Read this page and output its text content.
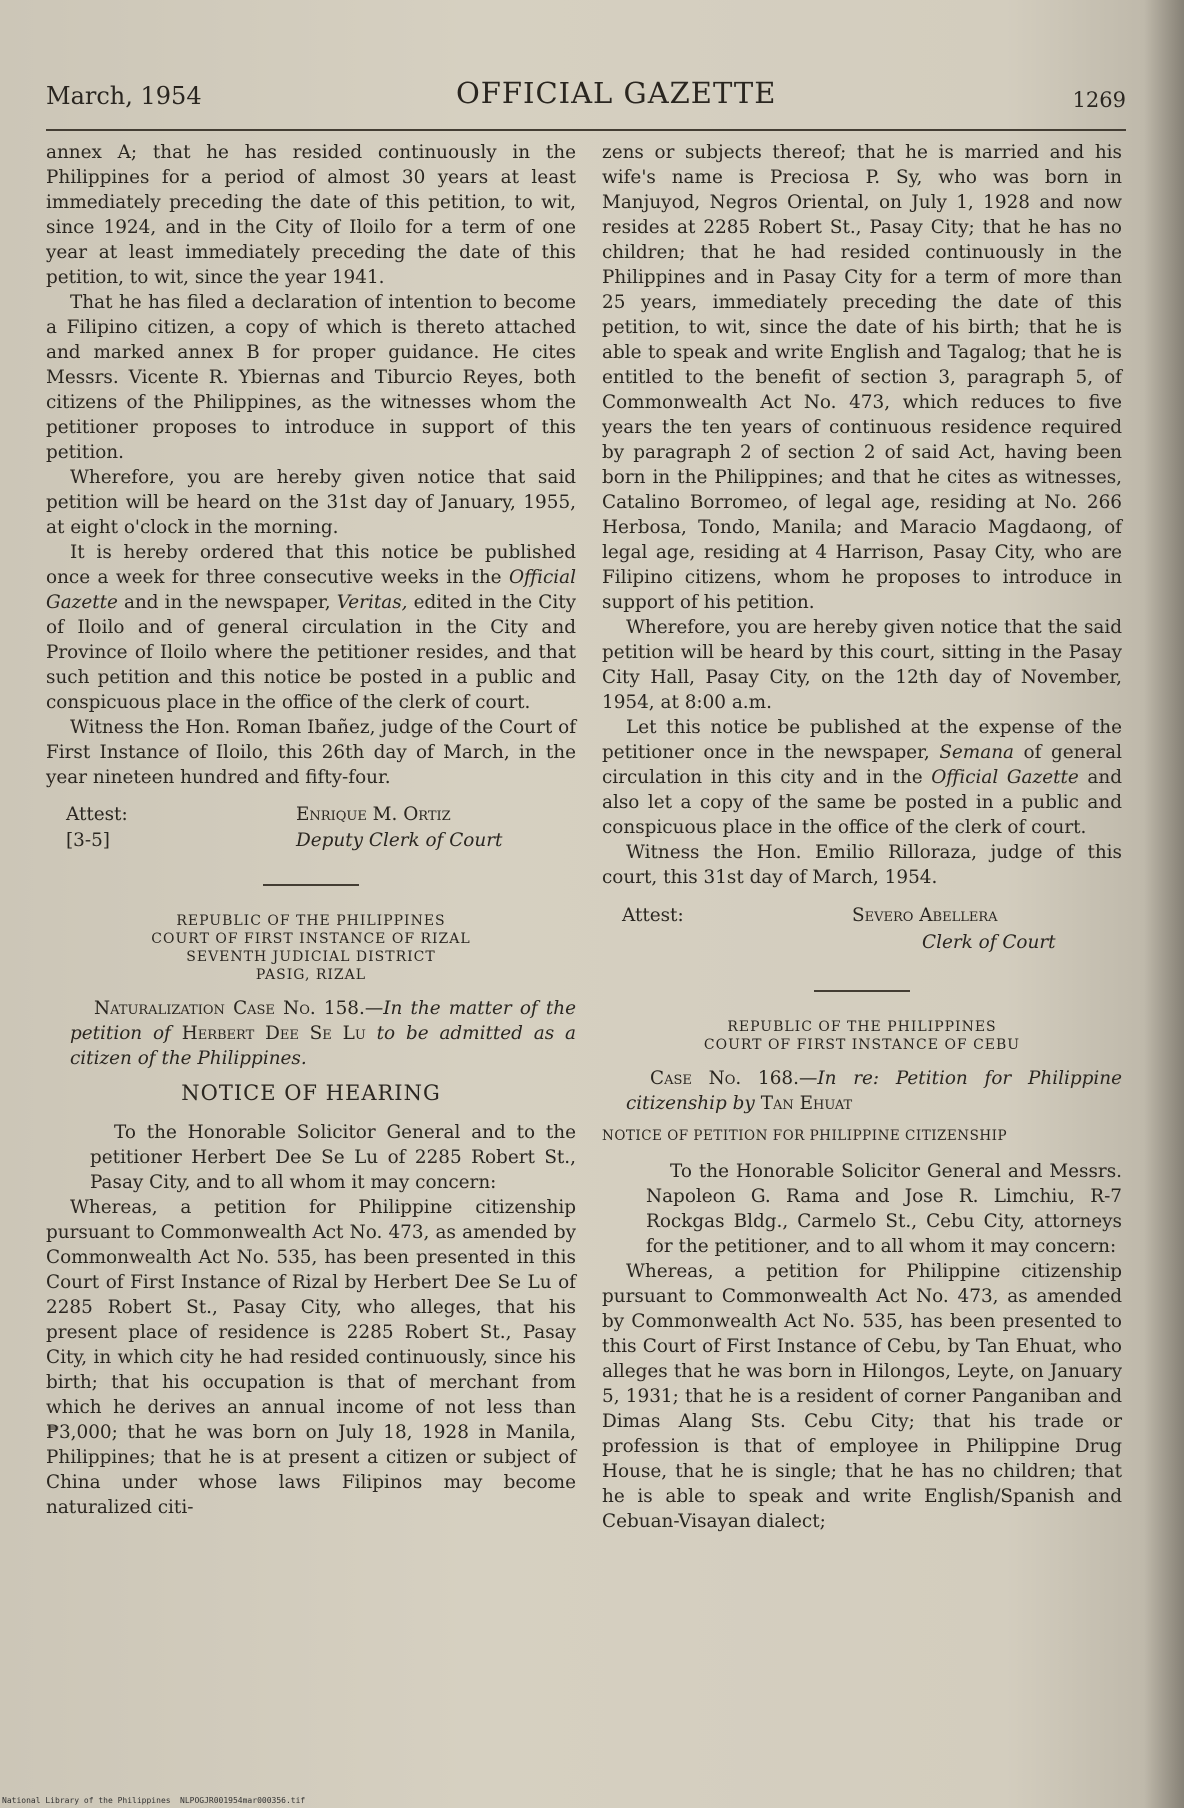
March, 1954	OFFICIAL GAZETTE	1269

annex A; that he has resided continuously in the Philippines for a period of almost 30 years at least immediately preceding the date of this petition, to wit, since 1924, and in the City of Iloilo for a term of one year at least immediately preceding the date of this petition, to wit, since the year 1941.

That he has filed a declaration of intention to become a Filipino citizen, a copy of which is thereto attached and marked annex B for proper guidance. He cites Messrs. Vicente R. Ybiernas and Tiburcio Reyes, both citizens of the Philippines, as the witnesses whom the petitioner proposes to introduce in support of this petition.

Wherefore, you are hereby given notice that said petition will be heard on the 31st day of January, 1955, at eight o'clock in the morning.

It is hereby ordered that this notice be published once a week for three consecutive weeks in the Official Gazette and in the newspaper, Veritas, edited in the City of Iloilo and of general circulation in the City and Province of Iloilo where the petitioner resides, and that such petition and this notice be posted in a public and conspicuous place in the office of the clerk of court.

Witness the Hon. Roman Ibañez, judge of the Court of First Instance of Iloilo, this 26th day of March, in the year nineteen hundred and fifty-four.

Attest:
[3-5]
Enrique M. Ortiz
Deputy Clerk of Court
REPUBLIC OF THE PHILIPPINES
COURT OF FIRST INSTANCE OF RIZAL
SEVENTH JUDICIAL DISTRICT
PASIG, RIZAL

Naturalization Case No. 158.—In the matter of the petition of Herbert Dee Se Lu to be admitted as a citizen of the Philippines.

NOTICE OF HEARING

To the Honorable Solicitor General and to the petitioner Herbert Dee Se Lu of 2285 Robert St., Pasay City, and to all whom it may concern:

Whereas, a petition for Philippine citizenship pursuant to Commonwealth Act No. 473, as amended by Commonwealth Act No. 535, has been presented in this Court of First Instance of Rizal by Herbert Dee Se Lu of 2285 Robert St., Pasay City, who alleges, that his present place of residence is 2285 Robert St., Pasay City, in which city he had resided continuously, since his birth; that his occupation is that of merchant from which he derives an annual income of not less than ₱3,000; that he was born on July 18, 1928 in Manila, Philippines; that he is at present a citizen or subject of China under whose laws Filipinos may become naturalized citi-

zens or subjects thereof; that he is married and his wife's name is Preciosa P. Sy, who was born in Manjuyod, Negros Oriental, on July 1, 1928 and now resides at 2285 Robert St., Pasay City; that he has no children; that he had resided continuously in the Philippines and in Pasay City for a term of more than 25 years, immediately preceding the date of this petition, to wit, since the date of his birth; that he is able to speak and write English and Tagalog; that he is entitled to the benefit of section 3, paragraph 5, of Commonwealth Act No. 473, which reduces to five years the ten years of continuous residence required by paragraph 2 of section 2 of said Act, having been born in the Philippines; and that he cites as witnesses, Catalino Borromeo, of legal age, residing at No. 266 Herbosa, Tondo, Manila; and Maracio Magdaong, of legal age, residing at 4 Harrison, Pasay City, who are Filipino citizens, whom he proposes to introduce in support of his petition.

Wherefore, you are hereby given notice that the said petition will be heard by this court, sitting in the Pasay City Hall, Pasay City, on the 12th day of November, 1954, at 8:00 a.m.

Let this notice be published at the expense of the petitioner once in the newspaper, Semana of general circulation in this city and in the Official Gazette and also let a copy of the same be posted in a public and conspicuous place in the office of the clerk of court.

Witness the Hon. Emilio Rilloraza, judge of this court, this 31st day of March, 1954.

Attest:	Severo Abellera
Clerk of Court
REPUBLIC OF THE PHILIPPINES
COURT OF FIRST INSTANCE OF CEBU

Case No. 168.—In re: Petition for Philippine citizenship by Tan Ehuat

NOTICE OF PETITION FOR PHILIPPINE CITIZENSHIP

To the Honorable Solicitor General and Messrs. Napoleon G. Rama and Jose R. Limchiu, R-7 Rockgas Bldg., Carmelo St., Cebu City, attorneys for the petitioner, and to all whom it may concern:

Whereas, a petition for Philippine citizenship pursuant to Commonwealth Act No. 473, as amended by Commonwealth Act No. 535, has been presented to this Court of First Instance of Cebu, by Tan Ehuat, who alleges that he was born in Hilongos, Leyte, on January 5, 1931; that he is a resident of corner Panganiban and Dimas Alang Sts. Cebu City; that his trade or profession is that of employee in Philippine Drug House, that he is single; that he has no children; that he is able to speak and write English/Spanish and Cebuan-Visayan dialect;

National Library of the Philippines NLPOGJR001954mar000356.tif
